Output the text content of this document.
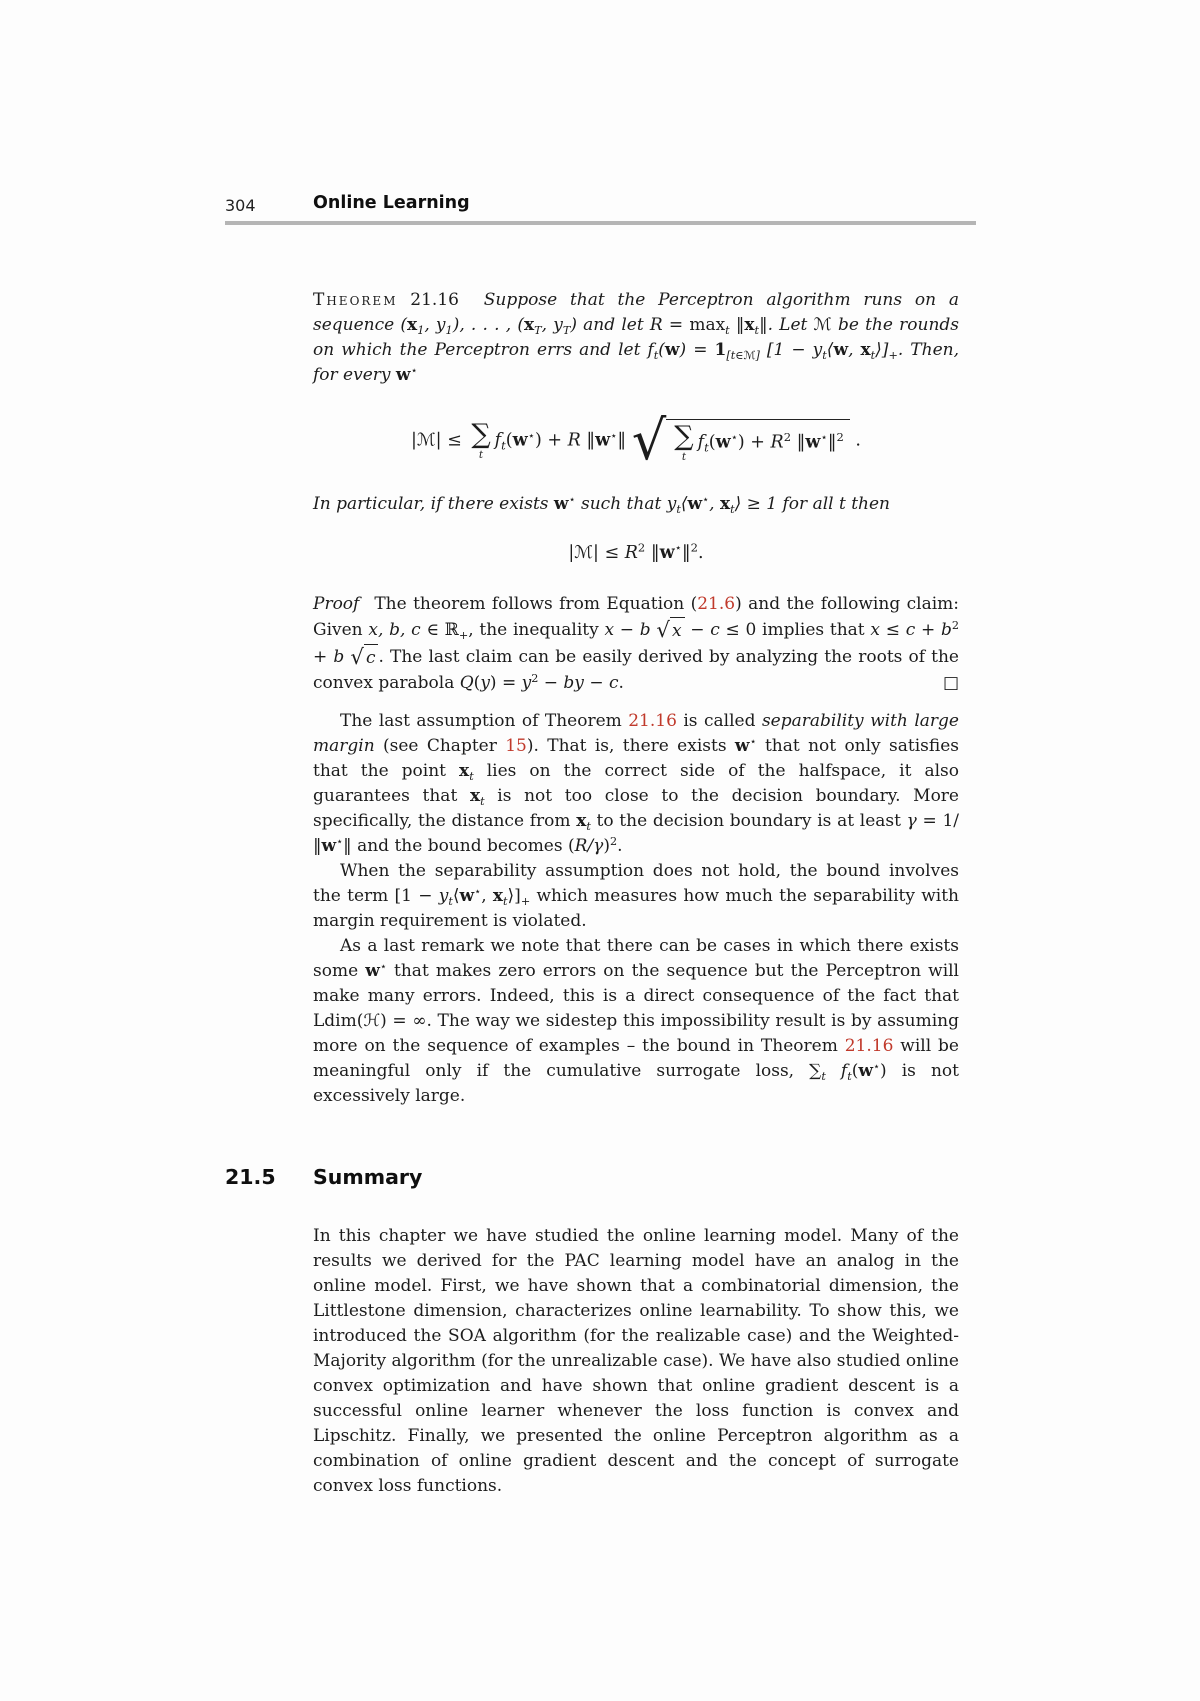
304	Online Learning

Theorem 21.16 Suppose that the Perceptron algorithm runs on a sequence ($x_1$, $y_1$), . . . , ($x_T$, $y_T$) and let $R = \max_t$ $‖x_t‖$. Let ℳ be the rounds on which the Perceptron errs and let $f_t(w) = 1_{[t\in ℳ]}$ [$1 - y_t⟨w$, $x_t⟩]_+$. Then, for every w⋆

|ℳ| ≤ ∑
t
$f_t(w^⋆) + R$ ‖w⋆‖ √ ∑
t
$f_t(w^⋆) + R^2$ ‖w⋆‖$^2$ .

In particular, if there exists w⋆ such that $y_t⟨w^⋆$, $x_t⟩ \ge 1$ for all t then

|ℳ| ≤ $R^2$ ‖w⋆‖$^2$.

Proof The theorem follows from Equation (21.6) and the following claim: Given x, b, c ∈ ℝ$_+$, the inequality x − b √ x − c ≤ 0 implies that $x \le c + b^2 + b$ √ c . The last claim can be easily derived by analyzing the roots of the convex parabola $Q(y) = y^2$ − by − c.	□

The last assumption of Theorem 21.16 is called separability with large margin (see Chapter 15). That is, there exists w⋆ that not only satisfies that the point $x_t$ lies on the correct side of the halfspace, it also guarantees that $x_t$ is not too close to the decision boundary. More specifically, the distance from $x_t$ to the decision boundary is at least γ = 1/‖w⋆‖ and the bound becomes $(R/\gamma)^2$.

When the separability assumption does not hold, the bound involves the term [$1 - y_t⟨w^⋆$, $x_t⟩]_+$ which measures how much the separability with margin requirement is violated.

As a last remark we note that there can be cases in which there exists some w⋆ that makes zero errors on the sequence but the Perceptron will make many errors. Indeed, this is a direct consequence of the fact that Ldim(ℋ) = ∞. The way we sidestep this impossibility result is by assuming more on the sequence of examples – the bound in Theorem 21.16 will be meaningful only if the cumulative surrogate loss, $\sum_t$ $f_t(w^⋆)$ is not excessively large.

21.5	Summary

In this chapter we have studied the online learning model. Many of the results we derived for the PAC learning model have an analog in the online model. First, we have shown that a combinatorial dimension, the Littlestone dimension, characterizes online learnability. To show this, we introduced the SOA algorithm (for the realizable case) and the Weighted-Majority algorithm (for the unrealizable case). We have also studied online convex optimization and have shown that online gradient descent is a successful online learner whenever the loss function is convex and Lipschitz. Finally, we presented the online Perceptron algorithm as a combination of online gradient descent and the concept of surrogate convex loss functions.
